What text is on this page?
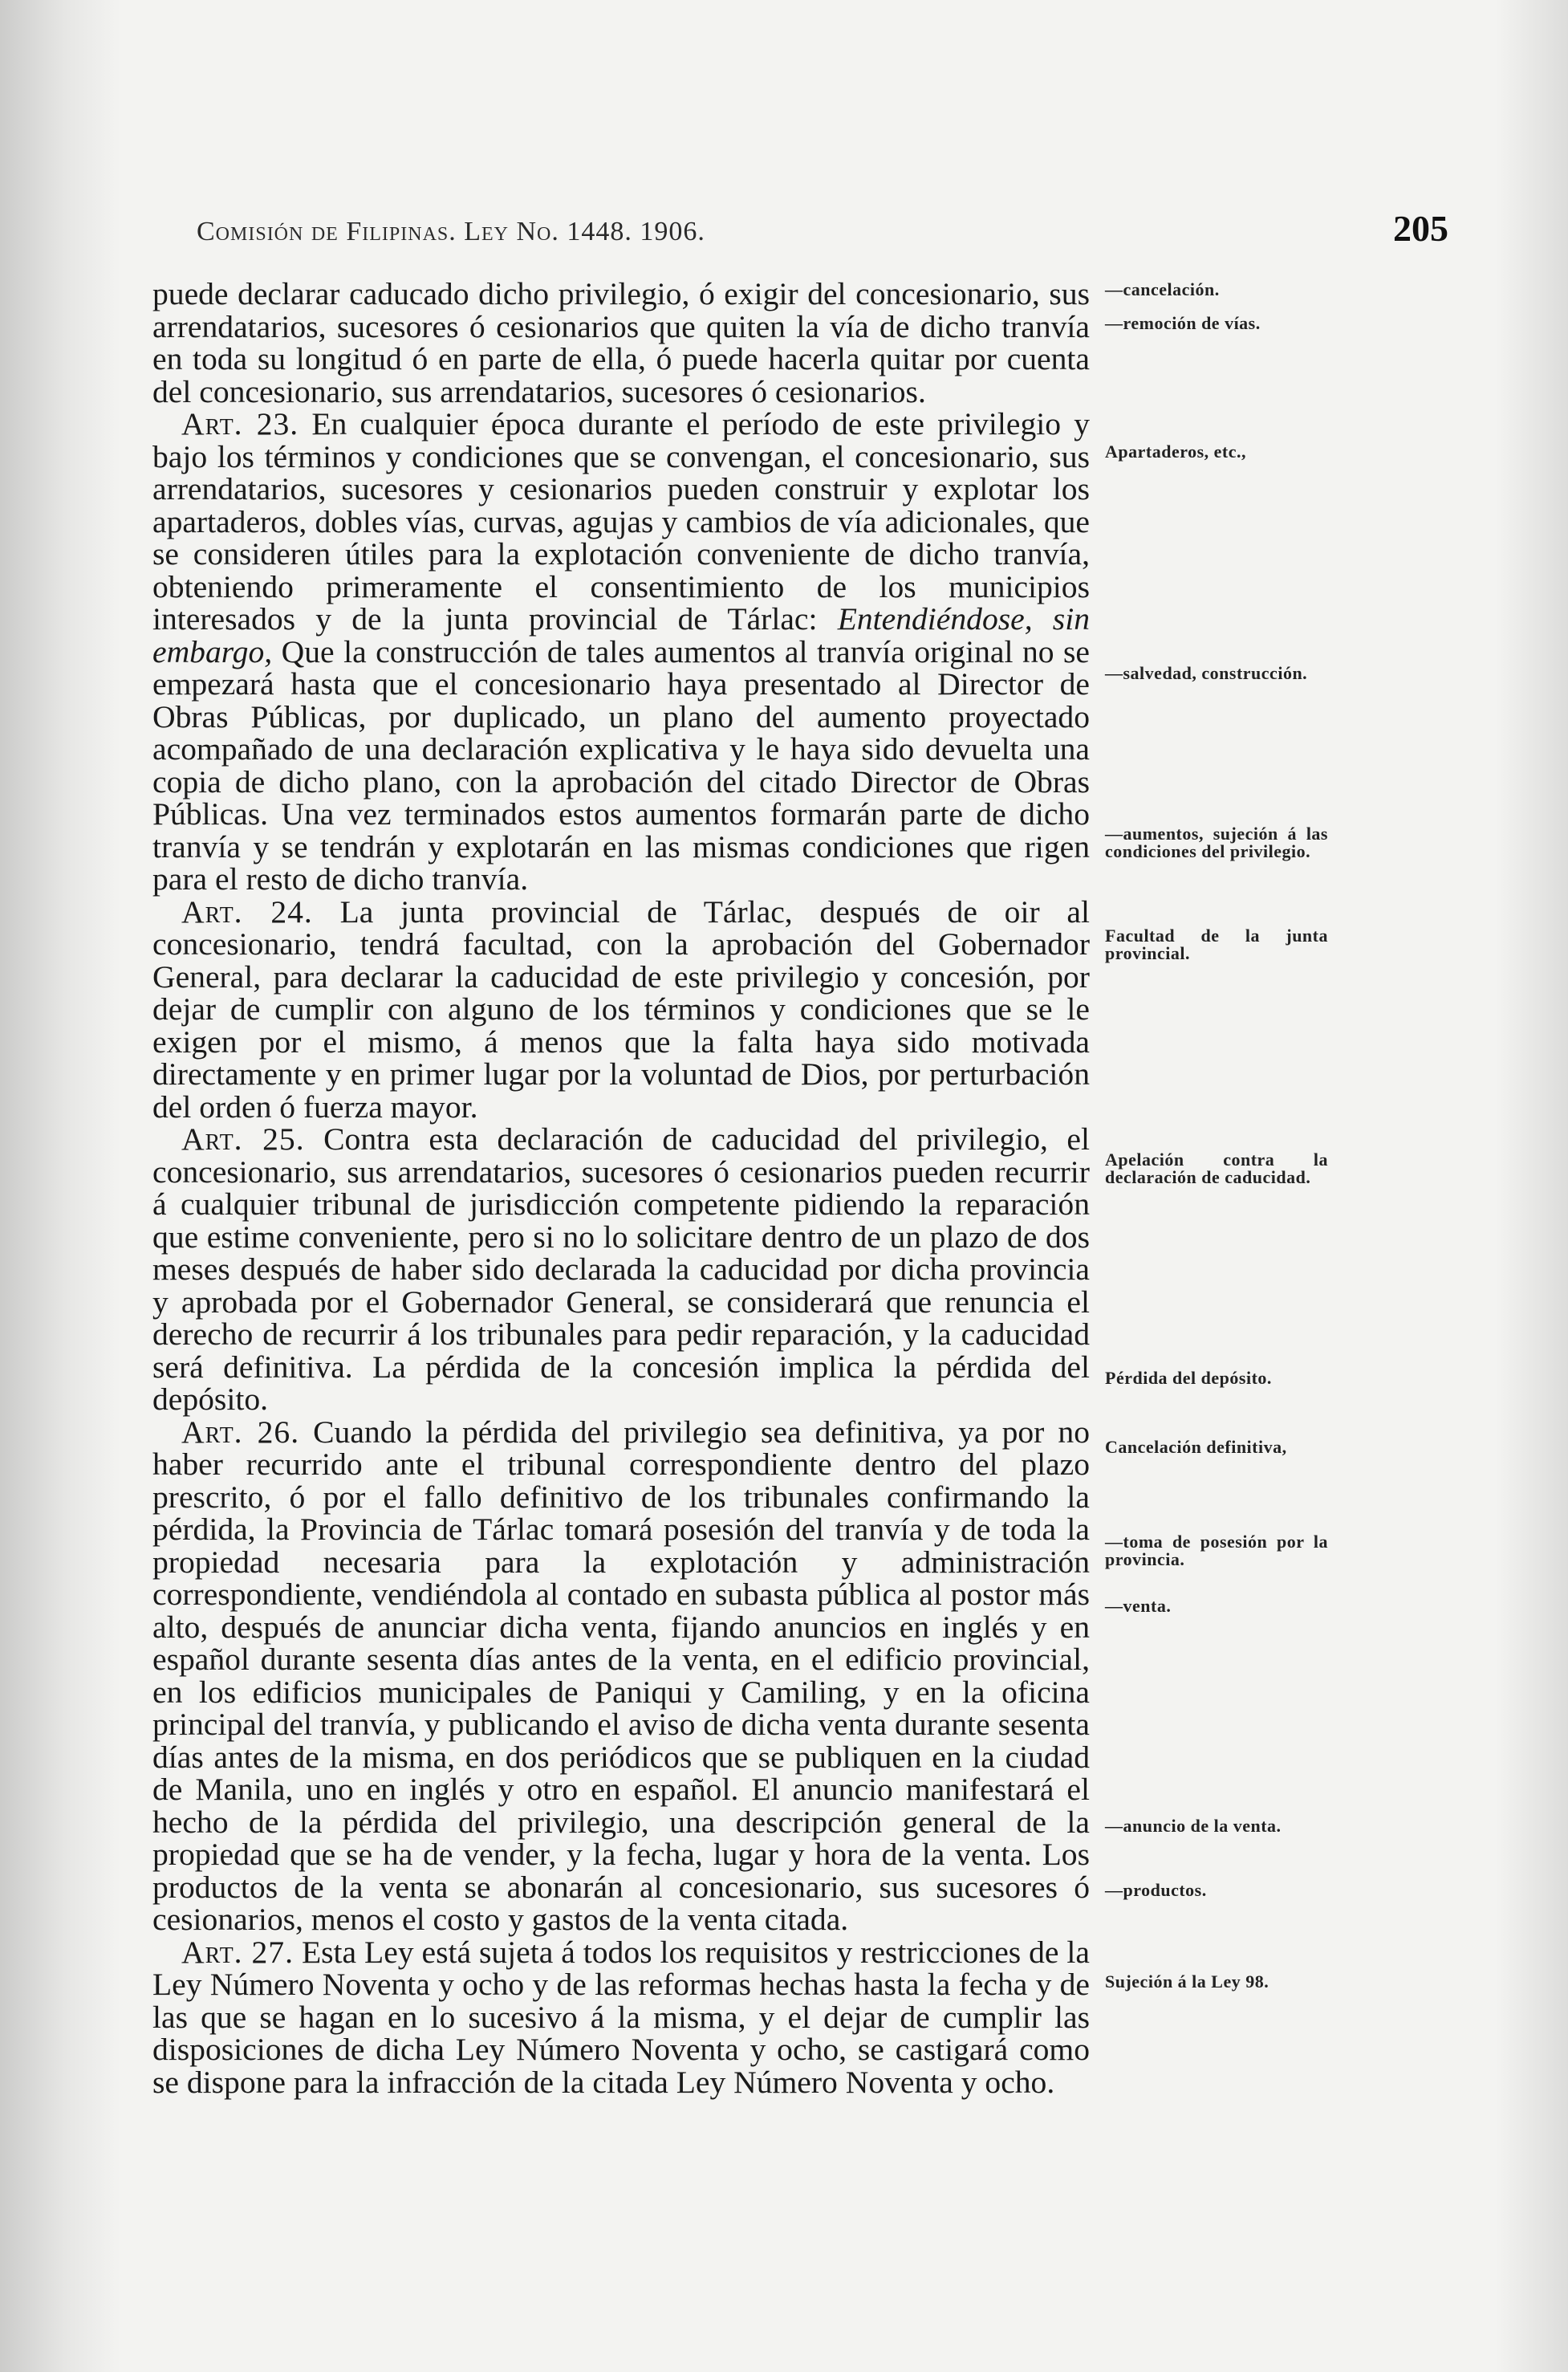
Comisión de Filipinas. Ley No. 1448. 1906.	205

puede declarar caducado dicho privilegio, ó exigir del concesionario, sus arrendatarios, sucesores ó cesionarios que quiten la vía de dicho tranvía en toda su longitud ó en parte de ella, ó puede hacerla quitar por cuenta del concesionario, sus arrendatarios, sucesores ó cesionarios.

Art. 23. En cualquier época durante el período de este privilegio y bajo los términos y condiciones que se convengan, el concesionario, sus arrendatarios, sucesores y cesionarios pueden construir y explotar los apartaderos, dobles vías, curvas, agujas y cambios de vía adicionales, que se consideren útiles para la explotación conveniente de dicho tranvía, obteniendo primeramente el consentimiento de los municipios interesados y de la junta provincial de Tárlac: Entendiéndose, sin embargo, Que la construcción de tales aumentos al tranvía original no se empezará hasta que el concesionario haya presentado al Director de Obras Públicas, por duplicado, un plano del aumento proyectado acompañado de una declaración explicativa y le haya sido devuelta una copia de dicho plano, con la aprobación del citado Director de Obras Públicas. Una vez terminados estos aumentos formarán parte de dicho tranvía y se tendrán y explotarán en las mismas condiciones que rigen para el resto de dicho tranvía.

Art. 24. La junta provincial de Tárlac, después de oir al concesionario, tendrá facultad, con la aprobación del Gobernador General, para declarar la caducidad de este privilegio y concesión, por dejar de cumplir con alguno de los términos y condiciones que se le exigen por el mismo, á menos que la falta haya sido motivada directamente y en primer lugar por la voluntad de Dios, por perturbación del orden ó fuerza mayor.

Art. 25. Contra esta declaración de caducidad del privilegio, el concesionario, sus arrendatarios, sucesores ó cesionarios pueden recurrir á cualquier tribunal de jurisdicción competente pidiendo la reparación que estime conveniente, pero si no lo solicitare dentro de un plazo de dos meses después de haber sido declarada la caducidad por dicha provincia y aprobada por el Gobernador General, se considerará que renuncia el derecho de recurrir á los tribunales para pedir reparación, y la caducidad será definitiva. La pérdida de la concesión implica la pérdida del depósito.

Art. 26. Cuando la pérdida del privilegio sea definitiva, ya por no haber recurrido ante el tribunal correspondiente dentro del plazo prescrito, ó por el fallo definitivo de los tribunales confirmando la pérdida, la Provincia de Tárlac tomará posesión del tranvía y de toda la propiedad necesaria para la explotación y administración correspondiente, vendiéndola al contado en subasta pública al postor más alto, después de anunciar dicha venta, fijando anuncios en inglés y en español durante sesenta días antes de la venta, en el edificio provincial, en los edificios municipales de Paniqui y Camiling, y en la oficina principal del tranvía, y publicando el aviso de dicha venta durante sesenta días antes de la misma, en dos periódicos que se publiquen en la ciudad de Manila, uno en inglés y otro en español. El anuncio manifestará el hecho de la pérdida del privilegio, una descripción general de la propiedad que se ha de vender, y la fecha, lugar y hora de la venta. Los productos de la venta se abonarán al concesionario, sus sucesores ó cesionarios, menos el costo y gastos de la venta citada.

Art. 27. Esta Ley está sujeta á todos los requisitos y restricciones de la Ley Número Noventa y ocho y de las reformas hechas hasta la fecha y de las que se hagan en lo sucesivo á la misma, y el dejar de cumplir las disposiciones de dicha Ley Número Noventa y ocho, se castigará como se dispone para la infracción de la citada Ley Número Noventa y ocho.

—cancelación.
—remoción de vías.
Apartaderos, etc.,
—salvedad, construcción.
—aumentos, sujeción á las condiciones del privilegio.
Facultad de la junta provincial.
Apelación contra la declaración de caducidad.
Pérdida del depósito.
Cancelación definitiva,
—toma de posesión por la provincia.
—venta.
—anuncio de la venta.
—productos.
Sujeción á la Ley 98.
